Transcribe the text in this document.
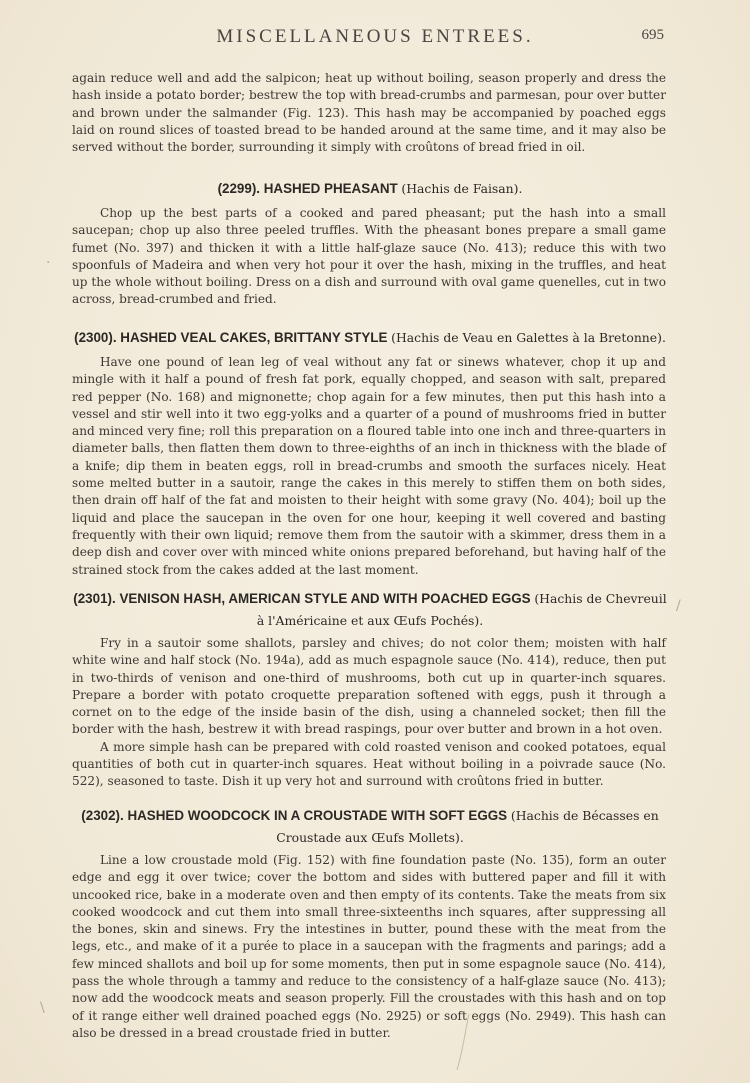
MISCELLANEOUS ENTREES.	695

again reduce well and add the salpicon; heat up without boiling, season properly and dress the hash inside a potato border; bestrew the top with bread-crumbs and parmesan, pour over butter and brown under the salmander (Fig. 123). This hash may be accompanied by poached eggs laid on round slices of toasted bread to be handed around at the same time, and it may also be served without the border, surrounding it simply with croûtons of bread fried in oil.

(2299). HASHED PHEASANT (Hachis de Faisan).

Chop up the best parts of a cooked and pared pheasant; put the hash into a small saucepan; chop up also three peeled truffles. With the pheasant bones prepare a small game fumet (No. 397) and thicken it with a little half-glaze sauce (No. 413); reduce this with two spoonfuls of Madeira and when very hot pour it over the hash, mixing in the truffles, and heat up the whole without boiling. Dress on a dish and surround with oval game quenelles, cut in two across, bread-crumbed and fried.

(2300). HASHED VEAL CAKES, BRITTANY STYLE (Hachis de Veau en Galettes à la Bretonne).

Have one pound of lean leg of veal without any fat or sinews whatever, chop it up and mingle with it half a pound of fresh fat pork, equally chopped, and season with salt, prepared red pepper (No. 168) and mignonette; chop again for a few minutes, then put this hash into a vessel and stir well into it two egg-yolks and a quarter of a pound of mushrooms fried in butter and minced very fine; roll this preparation on a floured table into one inch and three-quarters in diameter balls, then flatten them down to three-eighths of an inch in thickness with the blade of a knife; dip them in beaten eggs, roll in bread-crumbs and smooth the surfaces nicely. Heat some melted butter in a sautoir, range the cakes in this merely to stiffen them on both sides, then drain off half of the fat and moisten to their height with some gravy (No. 404); boil up the liquid and place the saucepan in the oven for one hour, keeping it well covered and basting frequently with their own liquid; remove them from the sautoir with a skimmer, dress them in a deep dish and cover over with minced white onions prepared beforehand, but having half of the strained stock from the cakes added at the last moment.

(2301). VENISON HASH, AMERICAN STYLE AND WITH POACHED EGGS (Hachis de Chevreuil
à l'Américaine et aux Œufs Pochés).

Fry in a sautoir some shallots, parsley and chives; do not color them; moisten with half white wine and half stock (No. 194a), add as much espagnole sauce (No. 414), reduce, then put in two-thirds of venison and one-third of mushrooms, both cut up in quarter-inch squares. Prepare a border with potato croquette preparation softened with eggs, push it through a cornet on to the edge of the inside basin of the dish, using a channeled socket; then fill the border with the hash, bestrew it with bread raspings, pour over butter and brown in a hot oven.

A more simple hash can be prepared with cold roasted venison and cooked potatoes, equal quantities of both cut in quarter-inch squares. Heat without boiling in a poivrade sauce (No. 522), seasoned to taste. Dish it up very hot and surround with croûtons fried in butter.

(2302). HASHED WOODCOCK IN A CROUSTADE WITH SOFT EGGS (Hachis de Bécasses en
Croustade aux Œufs Mollets).

Line a low croustade mold (Fig. 152) with fine foundation paste (No. 135), form an outer edge and egg it over twice; cover the bottom and sides with buttered paper and fill it with uncooked rice, bake in a moderate oven and then empty of its contents. Take the meats from six cooked woodcock and cut them into small three-sixteenths inch squares, after suppressing all the bones, skin and sinews. Fry the intestines in butter, pound these with the meat from the legs, etc., and make of it a purée to place in a saucepan with the fragments and parings; add a few minced shallots and boil up for some moments, then put in some espagnole sauce (No. 414), pass the whole through a tammy and reduce to the consistency of a half-glaze sauce (No. 413); now add the woodcock meats and season properly. Fill the croustades with this hash and on top of it range either well drained poached eggs (No. 2925) or soft eggs (No. 2949). This hash can also be dressed in a bread croustade fried in butter.

·
/
\
